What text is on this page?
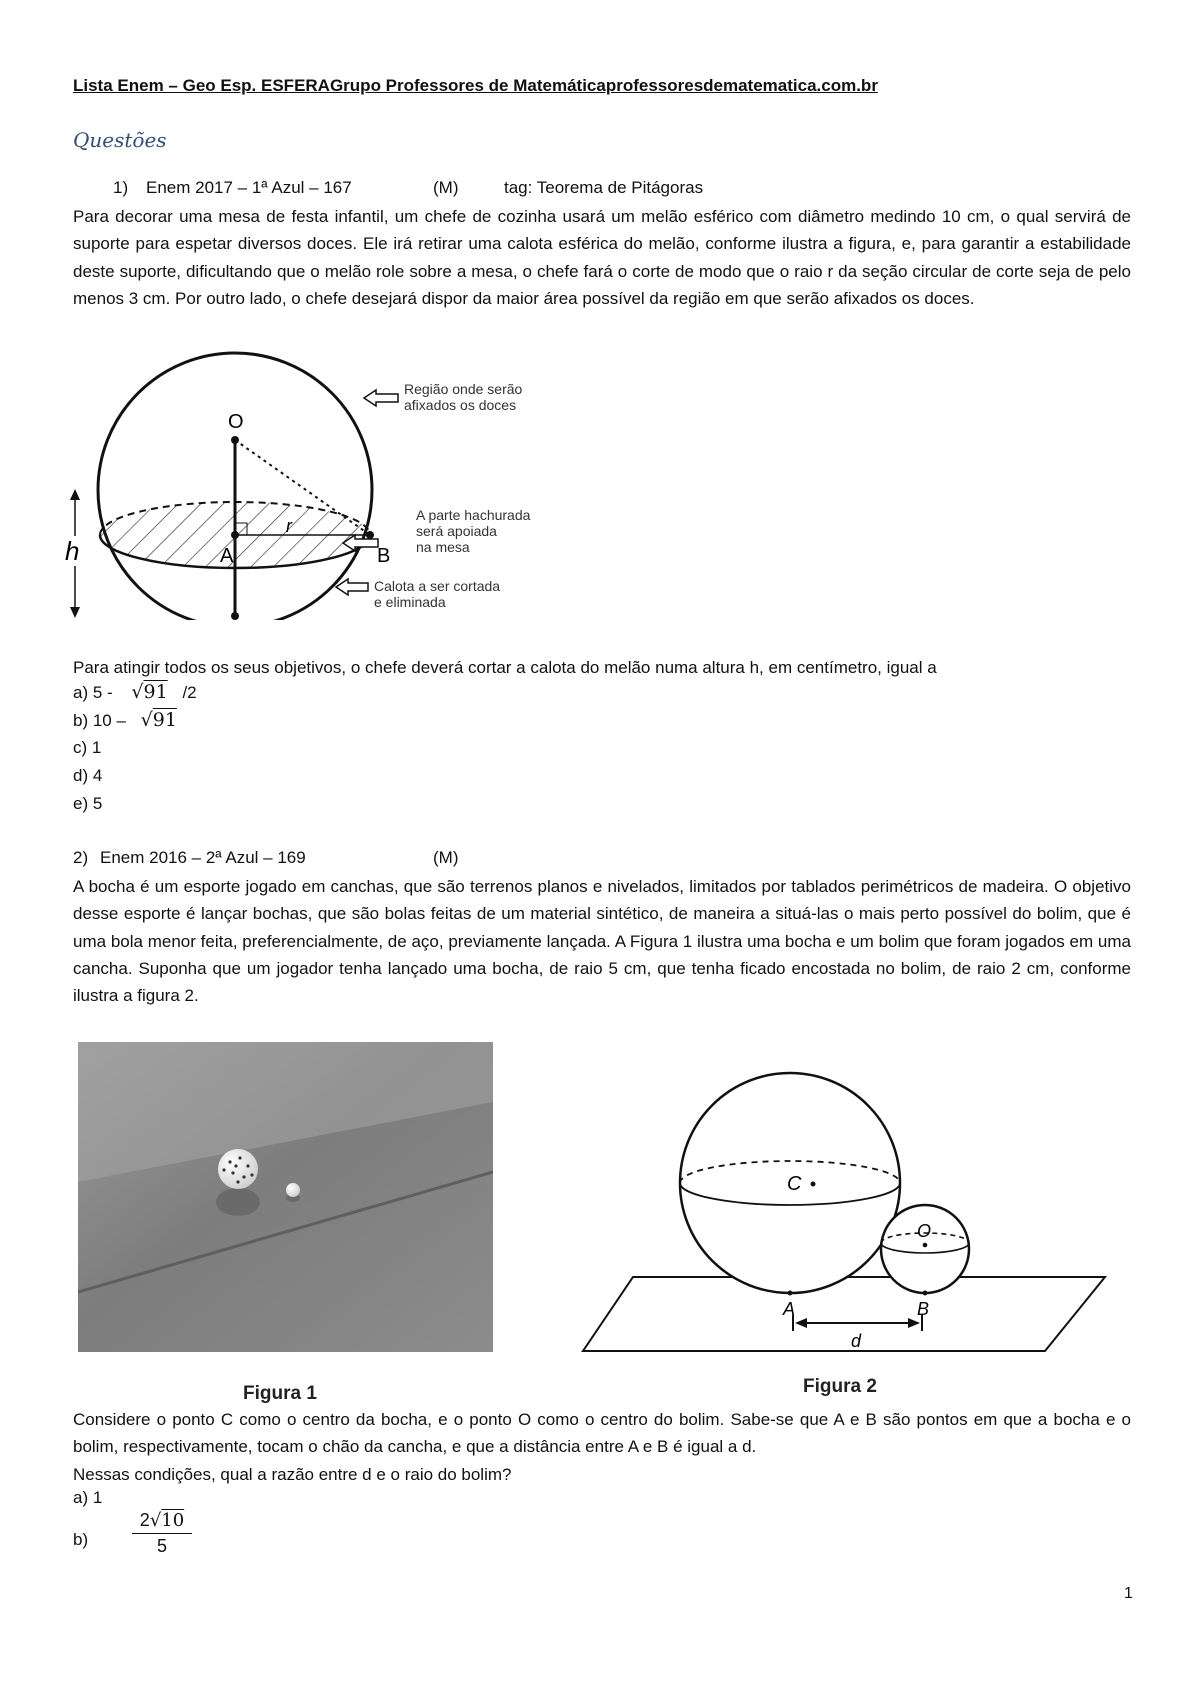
Lista Enem – Geo Esp. ESFERAGrupo Professores de Matemáticaprofessoresdematematica.com.br
Questões
1) Enem 2017 – 1ª Azul – 167	(M)	tag: Teorema de Pitágoras
Para decorar uma mesa de festa infantil, um chefe de cozinha usará um melão esférico com diâmetro medindo 10 cm, o qual servirá de suporte para espetar diversos doces. Ele irá retirar uma calota esférica do melão, conforme ilustra a figura, e, para garantir a estabilidade deste suporte, dificultando que o melão role sobre a mesa, o chefe fará o corte de modo que o raio r da seção circular de corte seja de pelo menos 3 cm. Por outro lado, o chefe desejará dispor da maior área possível da região em que serão afixados os doces.
O
A	B
r
h
Região onde serão
afixados os doces
A parte hachurada
será apoiada
na mesa
Calota a ser cortada
e eliminada
Para atingir todos os seus objetivos, o chefe deverá cortar a calota do melão numa altura h, em centímetro, igual a
a) 5 - √91 /2
b) 10 – √91
c) 1
d) 4
e) 5
2) Enem 2016 – 2ª Azul – 169	(M)
A bocha é um esporte jogado em canchas, que são terrenos planos e nivelados, limitados por tablados perimétricos de madeira. O objetivo desse esporte é lançar bochas, que são bolas feitas de um material sintético, de maneira a situá-las o mais perto possível do bolim, que é uma bola menor feita, preferencialmente, de aço, previamente lançada. A Figura 1 ilustra uma bocha e um bolim que foram jogados em uma cancha. Suponha que um jogador tenha lançado uma bocha, de raio 5 cm, que tenha ficado encostada no bolim, de raio 2 cm, conforme ilustra a figura 2.
Figura 1
C
O
A	B
d
Figura 2
Considere o ponto C como o centro da bocha, e o ponto O como o centro do bolim. Sabe-se que A e B são pontos em que a bocha e o bolim, respectivamente, tocam o chão da cancha, e que a distância entre A e B é igual a d.
Nessas condições, qual a razão entre d e o raio do bolim?
a) 1
b)
2√10
5
1
